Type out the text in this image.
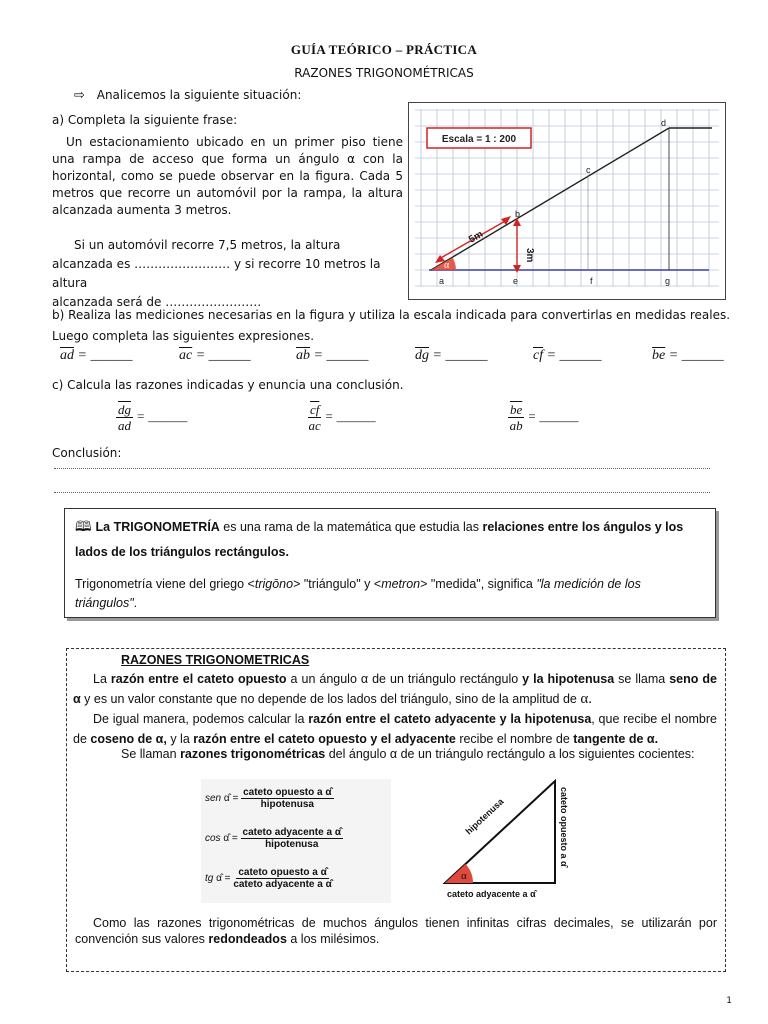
GUÍA TEÓRICO – PRÁCTICA
RAZONES TRIGONOMÉTRICAS
⇨ Analicemos la siguiente situación:
a) Completa la siguiente frase:
Un estacionamiento ubicado en un primer piso tiene una rampa de acceso que forma un ángulo α con la horizontal, como se puede observar en la figura. Cada 5 metros que recorre un automóvil por la rampa, la altura alcanzada aumenta 3 metros.
Si un automóvil recorre 7,5 metros, la altura
alcanzada es …………………… y si recorre 10 metros la altura
alcanzada será de ……………………
Escala = 1 : 200
5m
3m
α
a	e	f	g
b
c
d
b) Realiza las mediciones necesarias en la figura y utiliza la escala indicada para convertirlas en medidas reales.
Luego completa las siguientes expresiones.
$\overline{ad}$ = ______	$\overline{ac}$ = ______	$\overline{ab}$ = ______	$\overline{dg}$ = ______	$\overline{cf}$ = ______	$\overline{be}$ = ______
c) Calcula las razones indicadas y enuncia una conclusión.
$\frac{\overline{dg}}{ad}$ = ______	$\frac{\overline{cf}}{ac}$ = ______	$\frac{\overline{be}}{ab}$ = ______
Conclusión:
🕮 La TRIGONOMETRÍA es una rama de la matemática que estudia las relaciones entre los ángulos y los
lados de los triángulos rectángulos.
Trigonometría viene del griego <trigōno> "triángulo" y <metron> "medida", significa "la medición de los
triángulos".
RAZONES TRIGONOMETRICAS
La razón entre el cateto opuesto a un ángulo α de un triángulo rectángulo y la hipotenusa se llama seno de α y es un valor constante que no depende de los lados del triángulo, sino de la amplitud de α.
De igual manera, podemos calcular la razón entre el cateto adyacente y la hipotenusa, que recibe el nombre de coseno de α, y la razón entre el cateto opuesto y el adyacente recibe el nombre de tangente de α.
Se llaman razones trigonométricas del ángulo α de un triángulo rectángulo a los siguientes cocientes:
sen α̂ =
cateto opuesto a α̂
hipotenusa
cos α̂ =
cateto adyacente a α̂
hipotenusa
tg α̂ =
cateto opuesto a α̂
cateto adyacente a α̂
α
hipotenusa	cateto opuesto a α̂
cateto adyacente a α̂
Como las razones trigonométricas de muchos ángulos tienen infinitas cifras decimales, se utilizarán por convención sus valores redondeados a los milésimos.
1
